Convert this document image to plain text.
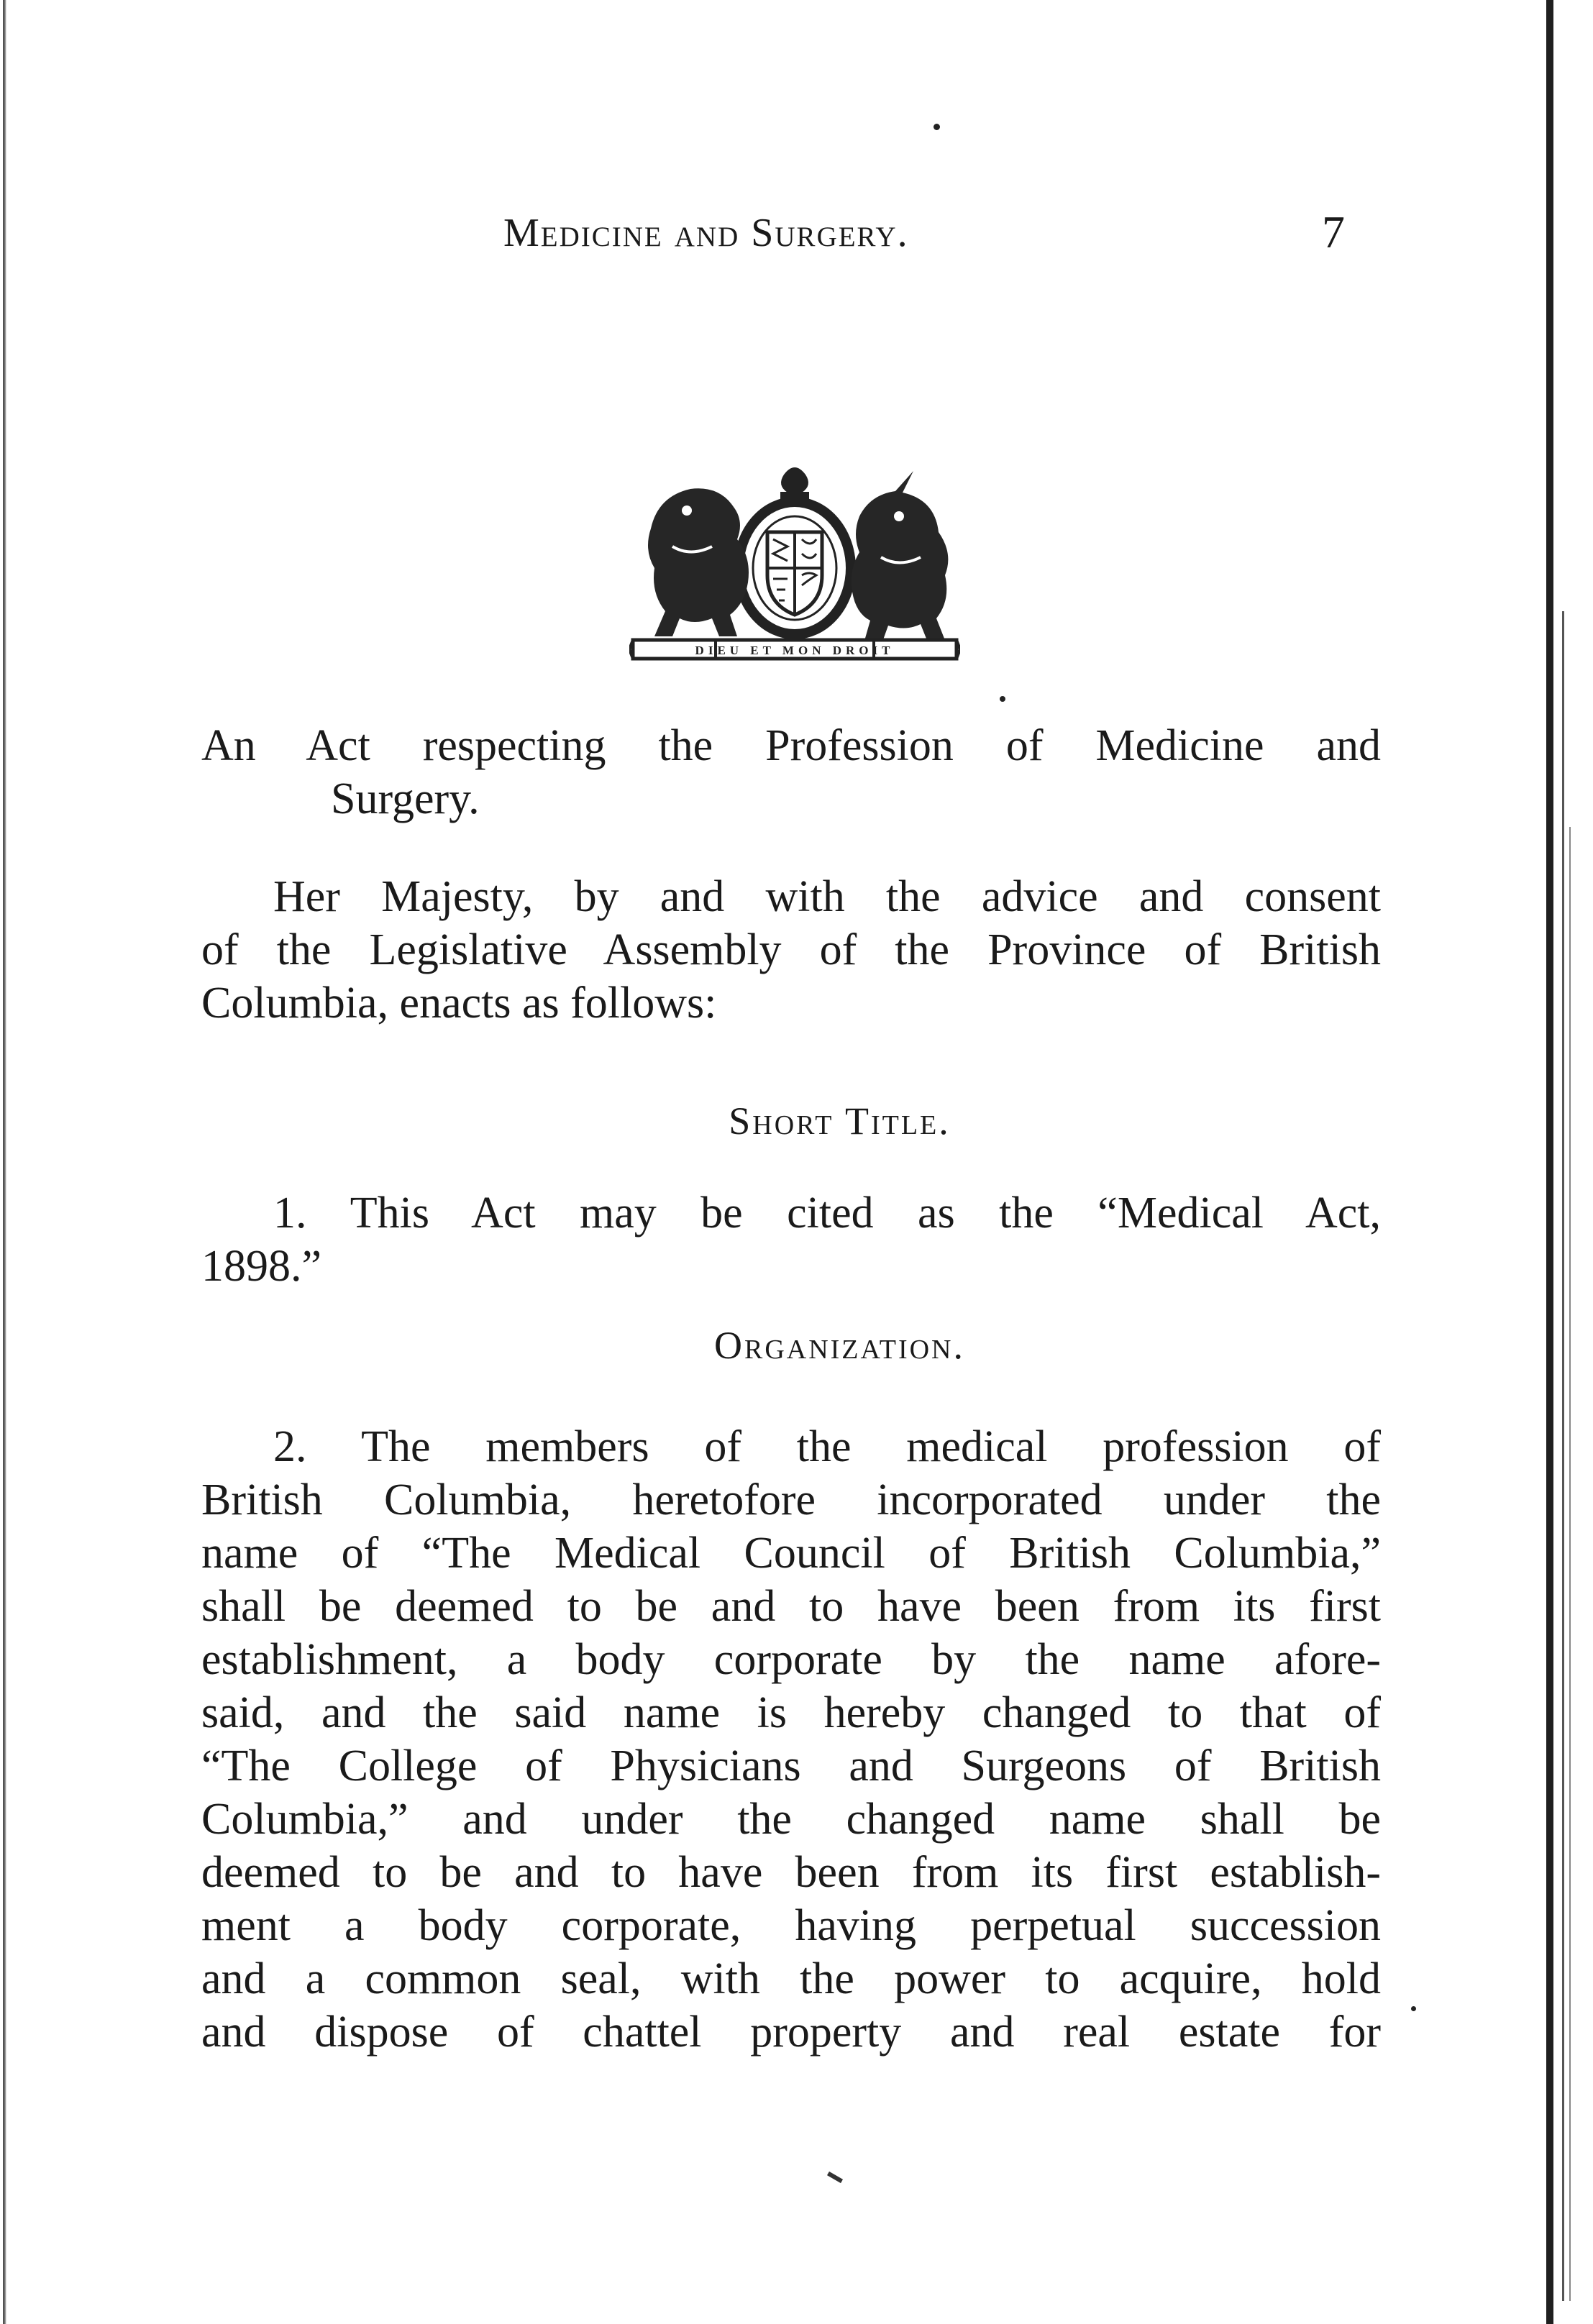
Medicine and Surgery.	7
DIEU ET MON DROIT
An Act respecting the Profession of Medicine and
Surgery.
Her Majesty, by and with the advice and consent
of the Legislative Assembly of the Province of British
Columbia, enacts as follows:
Short Title.
1. This Act may be cited as the “Medical Act,
1898.”
Organization.
2. The members of the medical profession of
British Columbia, heretofore incorporated under the
name of “The Medical Council of British Columbia,”
shall be deemed to be and to have been from its first
establishment, a body corporate by the name afore-
said, and the said name is hereby changed to that of
“The College of Physicians and Surgeons of British
Columbia,” and under the changed name shall be
deemed to be and to have been from its first establish-
ment a body corporate, having perpetual succession
and a common seal, with the power to acquire, hold
and dispose of chattel property and real estate for
